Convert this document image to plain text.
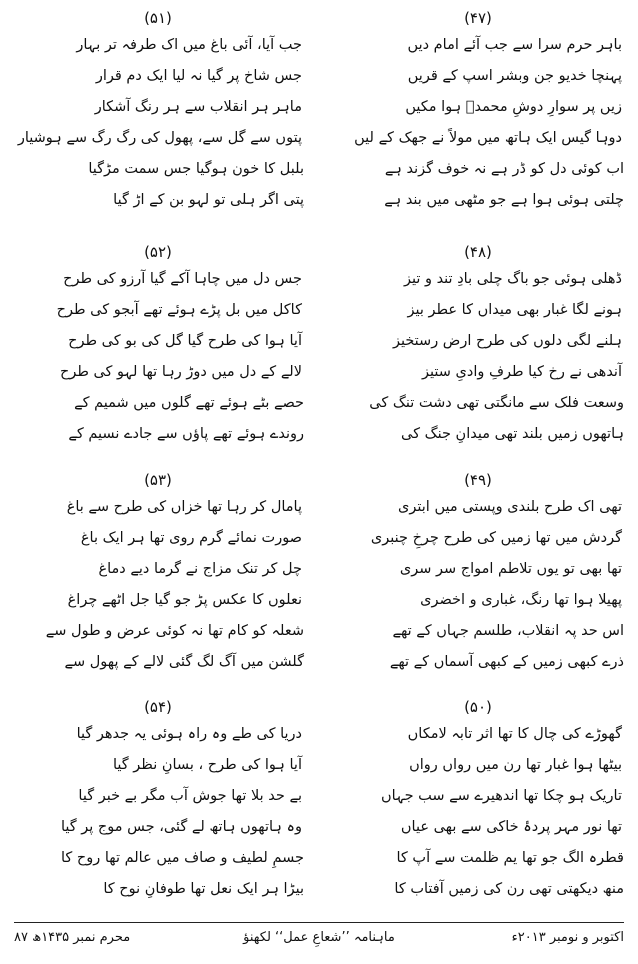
(۴۷)
باہر حرم سرا سے جب آئے امام دیں
پہنچا خدیو جن وبشر اسپ کے قریں
زیں پر سوارِ دوشِ محمدؐ ہوا مکیں
دوہا گیس ایک ہاتھ میں مولاً نے جھک کے لیں
اب کوئی دل کو ڈر ہے نہ خوف گزند ہے
چلتی ہوئی ہوا ہے جو مٹھی میں بند ہے
(۴۸)
ڈھلی ہوئی جو باگ چلی بادِ تند و تیز
ہونے لگا غبار بھی میداں کا عطر بیز
ہلنے لگی دلوں کی طرح ارض رستخیز
آندھی نے رخ کیا طرفِ وادیِ ستیز
وسعت فلک سے مانگتی تھی دشت تنگ کی
ہاتھوں زمیں بلند تھی میدانِ جنگ کی
(۴۹)
تھی اک طرح بلندی وپستی میں ابتری
گردش میں تھا زمیں کی طرح چرخِ چنبری
تھا بھی تو یوں تلاطم امواج سر سری
پھیلا ہوا تھا رنگ، غباری و اخضری
اس حد پہ انقلاب، طلسم جہاں کے تھے
ذرے کبھی زمیں کے کبھی آسماں کے تھے
(۵۰)
گھوڑے کی چال کا تھا اثر تابہ لامکاں
بیٹھا ہوا غبار تھا رن میں رواں رواں
تاریک ہو چکا تھا اندھیرے سے سب جہاں
تھا نور مہر پردۂ خاکی سے بھی عیاں
قطرہ الگ جو تھا یم ظلمت سے آپ کا
منھ دیکھتی تھی رن کی زمیں آفتاب کا
(۵۱)
جب آیا، آئی باغ میں اک طرفہ تر بہار
جس شاخ پر گیا نہ لیا ایک دم قرار
ماہر ہر انقلاب سے ہر رنگ آشکار
پتوں سے گل سے، پھول کی رگ رگ سے ہوشیار
بلبل کا خون ہوگیا جس سمت مڑگیا
پتی اگر ہلی تو لہو بن کے اڑ گیا
(۵۲)
جس دل میں چاہا آکے گیا آرزو کی طرح
کاکل میں بل پڑے ہوئے تھے آبجو کی طرح
آیا ہوا کی طرح گیا گل کی بو کی طرح
لالے کے دل میں دوڑ رہا تھا لہو کی طرح
حصے بٹے ہوئے تھے گلوں میں شمیم کے
روندے ہوئے تھے پاؤں سے جادے نسیم کے
(۵۳)
پامال کر رہا تھا خزاں کی طرح سے باغ
صورت نمائے گرم روی تھا ہر ایک باغ
چل کر تنک مزاج نے گرما دیے دماغ
نعلوں کا عکس پڑ جو گیا جل اٹھے چراغ
شعلہ کو کام تھا نہ کوئی عرض و طول سے
گلشن میں آگ لگ گئی لالے کے پھول سے
(۵۴)
دریا کی طے وہ راہ ہوئی یہ جدھر گیا
آیا ہوا کی طرح ، بسانِ نظر گیا
بے حد بلا تھا جوش آب مگر بے خبر گیا
وہ ہاتھوں ہاتھ لے گئی، جس موج پر گیا
جسمِ لطیف و صاف میں عالم تھا روح کا
بیڑا ہر ایک نعل تھا طوفانِ نوح کا
اکتوبر و نومبر ۲۰۱۳ء
ماہنامہ ’’شعاعِ عمل‘‘ لکھنؤ
محرم نمبر ۱۴۳۵ھ ۸۷
